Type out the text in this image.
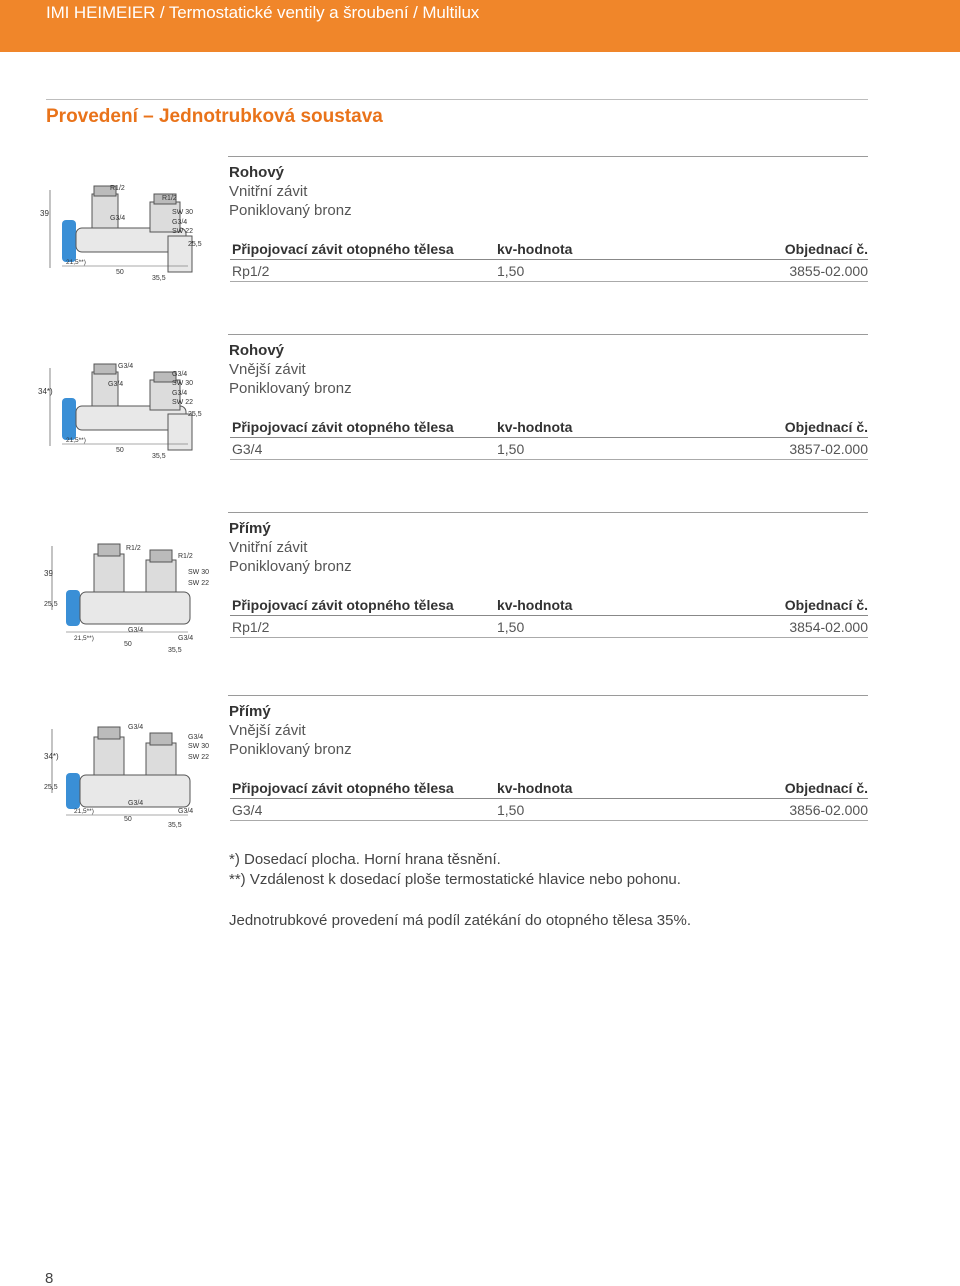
IMI HEIMEIER / Termostatické ventily a šroubení / Multilux
Provedení – Jednotrubková soustava
39
R1/2
G3/4
R1/2
SW 30
G3/4
SW 22
25,5
21,5**)
50
35,5
Rohový
Vnitřní závit
Poniklovaný bronz
Připojovací závit otopného tělesa	kv-hodnota	Objednací č.
Rp1/2	1,50	3855-02.000
34*)
G3/4
G3/4
G3/4
SW 30
G3/4
SW 22
25,5
21,5**)
50
35,5
Rohový
Vnější závit
Poniklovaný bronz
Připojovací závit otopného tělesa	kv-hodnota	Objednací č.
G3/4	1,50	3857-02.000
39
R1/2
R1/2
SW 30
SW 22
25,5
G3/4
G3/4
21,5**)
50
35,5
Přímý
Vnitřní závit
Poniklovaný bronz
Připojovací závit otopného tělesa	kv-hodnota	Objednací č.
Rp1/2	1,50	3854-02.000
34*)
G3/4
G3/4
SW 30
SW 22
25,5
G3/4
G3/4
21,5**)
50
35,5
Přímý
Vnější závit
Poniklovaný bronz
Připojovací závit otopného tělesa	kv-hodnota	Objednací č.
G3/4	1,50	3856-02.000

*) Dosedací plocha. Horní hrana těsnění.

**) Vzdálenost k dosedací ploše termostatické hlavice nebo pohonu.

Jednotrubkové provedení má podíl zatékání do otopného tělesa 35%.
8
